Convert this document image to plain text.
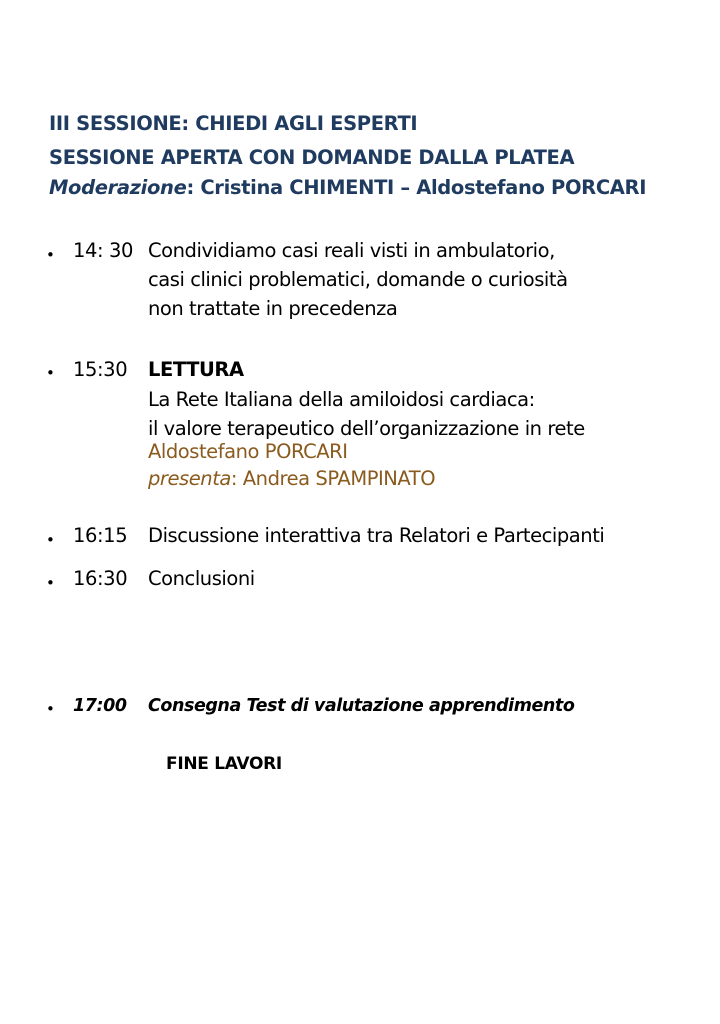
III SESSIONE: CHIEDI AGLI ESPERTI
SESSIONE APERTA CON DOMANDE DALLA PLATEA
Moderazione: Cristina CHIMENTI – Aldostefano PORCARI
• 14: 30 Condividiamo casi reali visti in ambulatorio,
casi clinici problematici, domande o curiosità
non trattate in precedenza
• 15:30 LETTURA
La Rete Italiana della amiloidosi cardiaca:
il valore terapeutico dell’organizzazione in rete
Aldostefano PORCARI
presenta: Andrea SPAMPINATO
• 16:15 Discussione interattiva tra Relatori e Partecipanti
• 16:30 Conclusioni
• 17:00 Consegna Test di valutazione apprendimento
FINE LAVORI
